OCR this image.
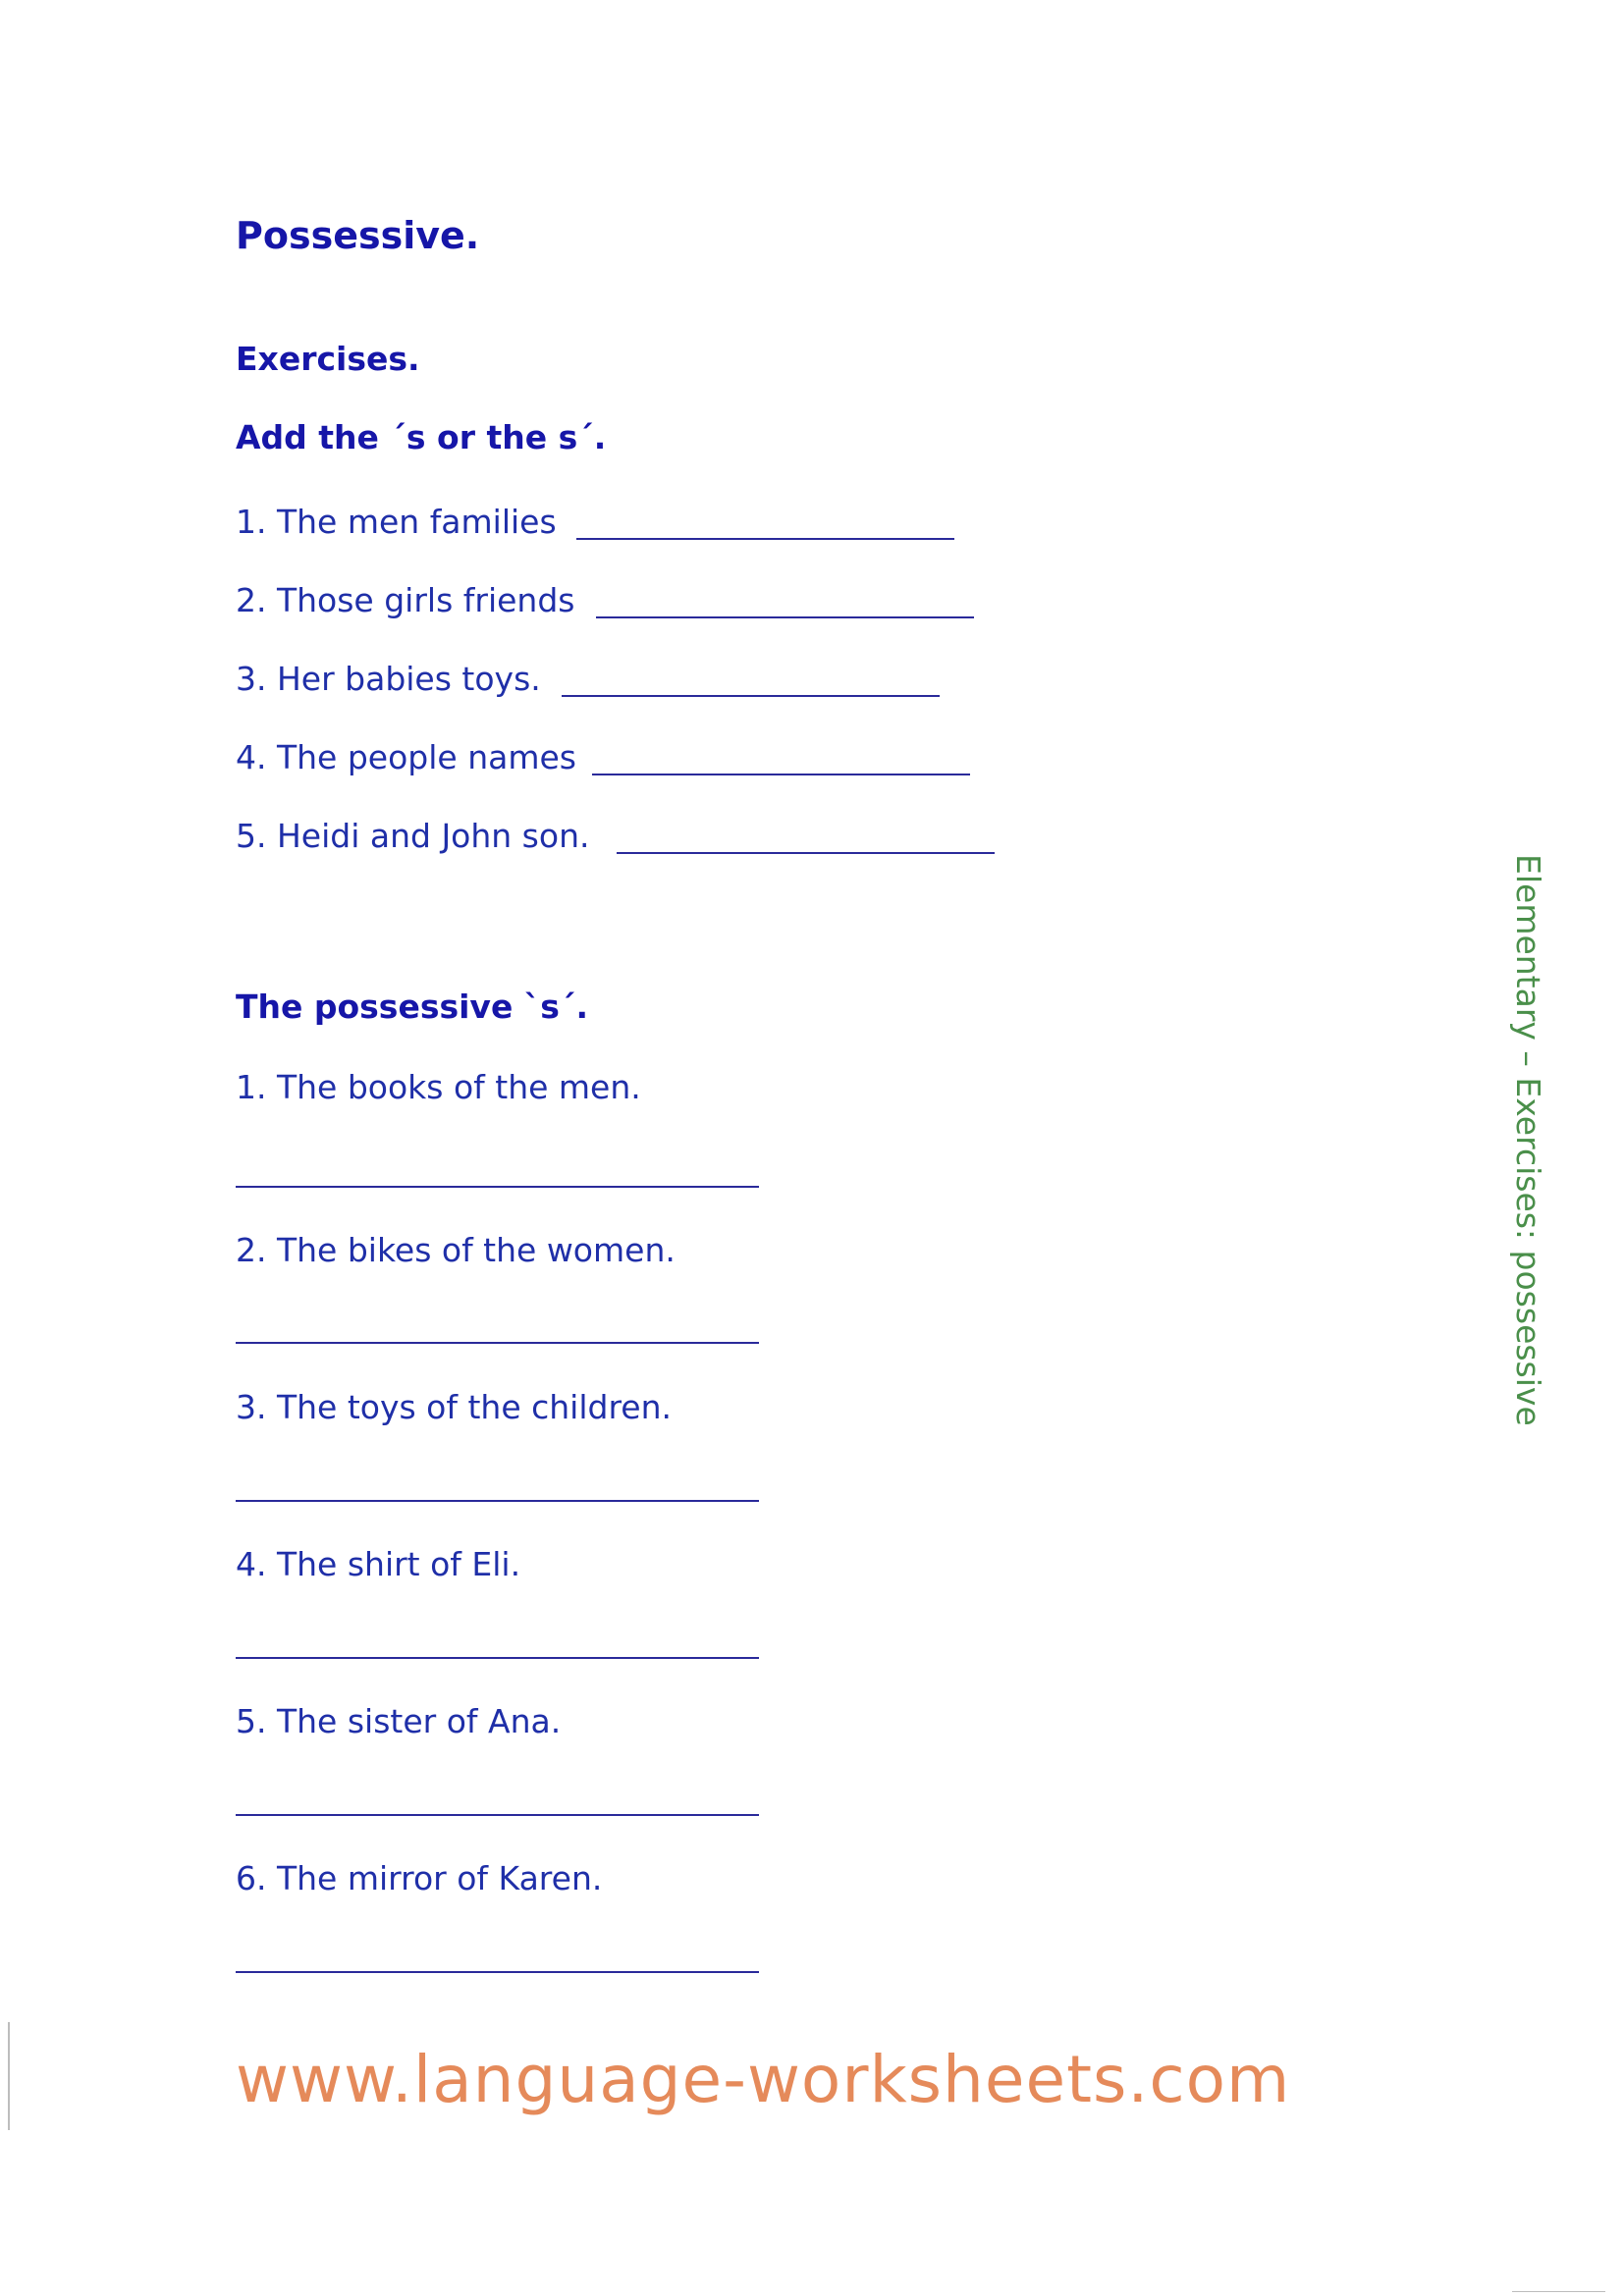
Possessive.
Exercises.
Add the ´s or the s´.
1. The men families
2. Those girls friends
3. Her babies toys.
4. The people names
5. Heidi and John son.
The possessive `s´.
1. The books of the men.
2. The bikes of the women.
3. The toys of the children.
4. The shirt of Eli.
5. The sister of Ana.
6. The mirror of Karen.
Elementary – Exercises: possessive
www.language-worksheets.com
